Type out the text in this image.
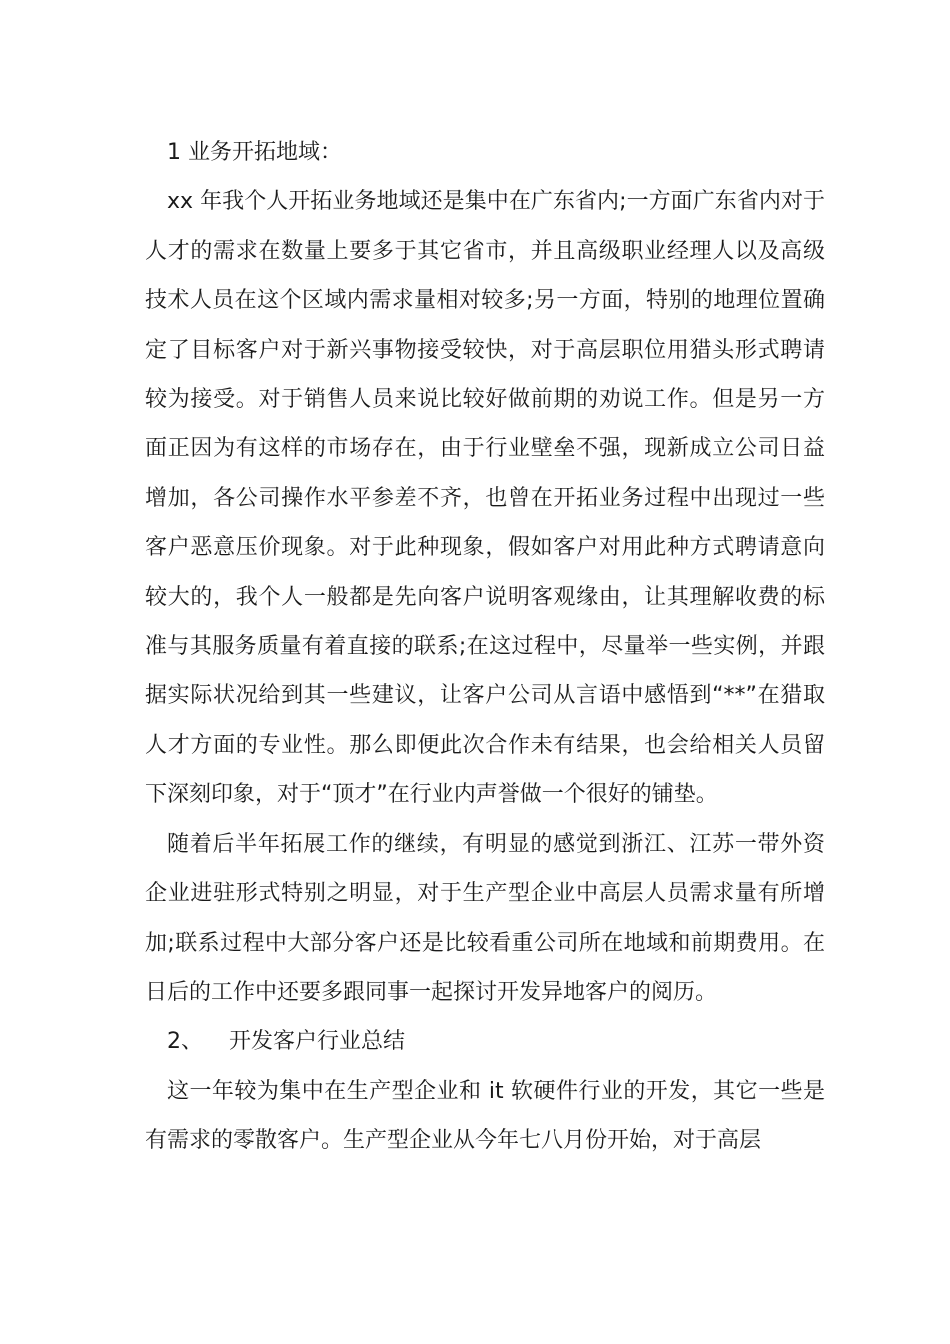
1 业务开拓地域：

xx 年我个人开拓业务地域还是集中在广东省内;一方面广东省内对于人才的需求在数量上要多于其它省市，并且高级职业经理人以及高级技术人员在这个区域内需求量相对较多;另一方面，特别的地理位置确定了目标客户对于新兴事物接受较快，对于高层职位用猎头形式聘请较为接受。对于销售人员来说比较好做前期的劝说工作。但是另一方面正因为有这样的市场存在，由于行业壁垒不强，现新成立公司日益增加，各公司操作水平参差不齐，也曾在开拓业务过程中出现过一些客户恶意压价现象。对于此种现象，假如客户对用此种方式聘请意向较大的，我个人一般都是先向客户说明客观缘由，让其理解收费的标准与其服务质量有着直接的联系;在这过程中，尽量举一些实例，并跟据实际状况给到其一些建议，让客户公司从言语中感悟到“**”在猎取人才方面的专业性。那么即便此次合作未有结果，也会给相关人员留下深刻印象，对于“顶才”在行业内声誉做一个很好的铺垫。

随着后半年拓展工作的继续，有明显的感觉到浙江、江苏一带外资企业进驻形式特别之明显，对于生产型企业中高层人员需求量有所增加;联系过程中大部分客户还是比较看重公司所在地域和前期费用。在日后的工作中还要多跟同事一起探讨开发异地客户的阅历。

2、 开发客户行业总结

这一年较为集中在生产型企业和 it 软硬件行业的开发，其它一些是有需求的零散客户。生产型企业从今年七八月份开始，对于高层
